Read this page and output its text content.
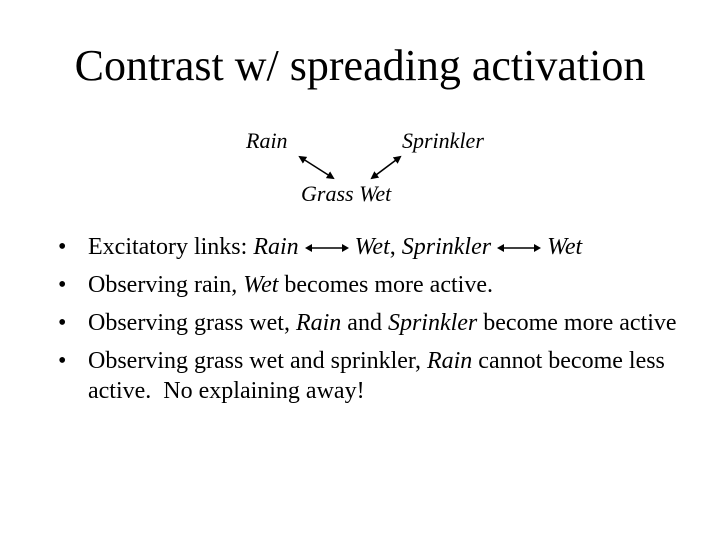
Contrast w/ spreading activation
Rain	Sprinkler
Grass Wet
• Excitatory links: Rain Wet, Sprinkler Wet
• Observing rain, Wet becomes more active.
• Observing grass wet, Rain and Sprinkler become more active
• Observing grass wet and sprinkler, Rain cannot become less active.  No explaining away!
